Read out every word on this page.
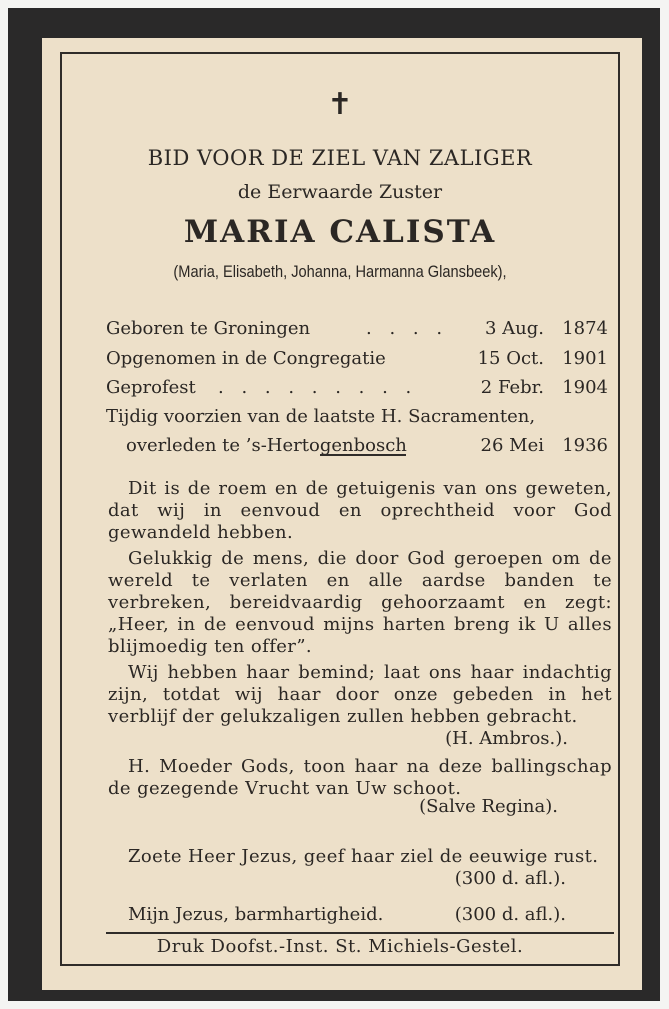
✝
BID VOOR DE ZIEL VAN ZALIGER
de Eerwaarde Zuster
MARIA CALISTA
(Maria, Elisabeth, Johanna, Harmanna Glansbeek),
Geboren te Groningen	. . . . 3 Aug. 1874
Opgenomen in de Congregatie	15 Oct. 1901
Geprofest . . . . . . . . .	2 Febr. 1904
Tijdig voorzien van de laatste H. Sacramenten,
overleden te ’s-Hertogenbosch	26 Mei 1936

Dit is de roem en de getuigenis van ons geweten, dat wij in eenvoud en oprechtheid voor God gewandeld hebben.

Gelukkig de mens, die door God geroepen om de wereld te verlaten en alle aardse banden te verbreken, bereidvaardig gehoorzaamt en zegt: „Heer, in de eenvoud mijns harten breng ik U alles blijmoedig ten offer”.

Wij hebben haar bemind; laat ons haar indachtig zijn, totdat wij haar door onze gebeden in het verblijf der gelukzaligen zullen hebben gebracht.

(H. Ambros.).

H. Moeder Gods, toon haar na deze ballingschap de gezegende Vrucht van Uw schoot.

(Salve Regina).

Zoete Heer Jezus, geef haar ziel de eeuwige rust.

(300 d. afl.).
Mijn Jezus, barmhartigheid.	(300 d. afl.).
Druk Doofst.-Inst. St. Michiels-Gestel.
